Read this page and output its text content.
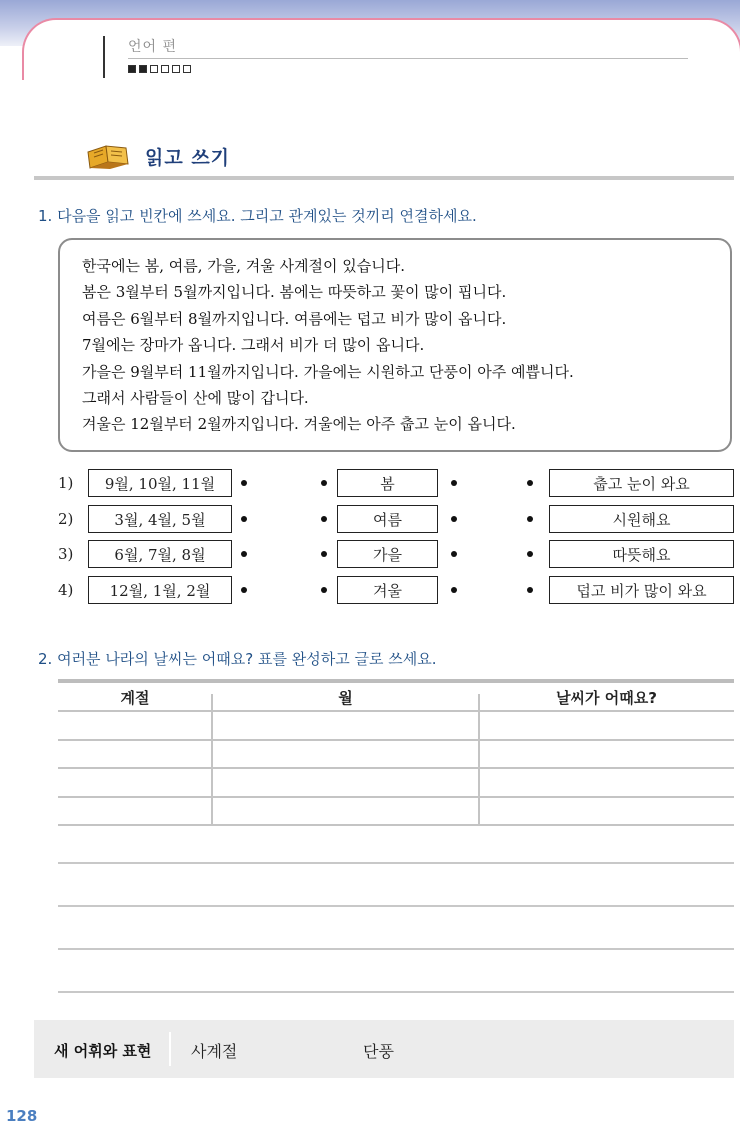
언어 편
읽고 쓰기
1. 다음을 읽고 빈칸에 쓰세요. 그리고 관계있는 것끼리 연결하세요.
한국에는 봄, 여름, 가을, 겨울 사계절이 있습니다.
봄은 3월부터 5월까지입니다. 봄에는 따뜻하고 꽃이 많이 핍니다.
여름은 6월부터 8월까지입니다. 여름에는 덥고 비가 많이 옵니다.
7월에는 장마가 옵니다. 그래서 비가 더 많이 옵니다.
가을은 9월부터 11월까지입니다. 가을에는 시원하고 단풍이 아주 예쁩니다.
그래서 사람들이 산에 많이 갑니다.
겨울은 12월부터 2월까지입니다. 겨울에는 아주 춥고 눈이 옵니다.
1)	9월, 10월, 11월	봄	춥고 눈이 와요
2)	3월, 4월, 5월	여름	시원해요
3)	6월, 7월, 8월	가을	따뜻해요
4)	12월, 1월, 2월	겨울	덥고 비가 많이 와요
2. 여러분 나라의 날씨는 어때요? 표를 완성하고 글로 쓰세요.
계절	월	날씨가 어때요?
새 어휘와 표현 사계절	단풍
128
